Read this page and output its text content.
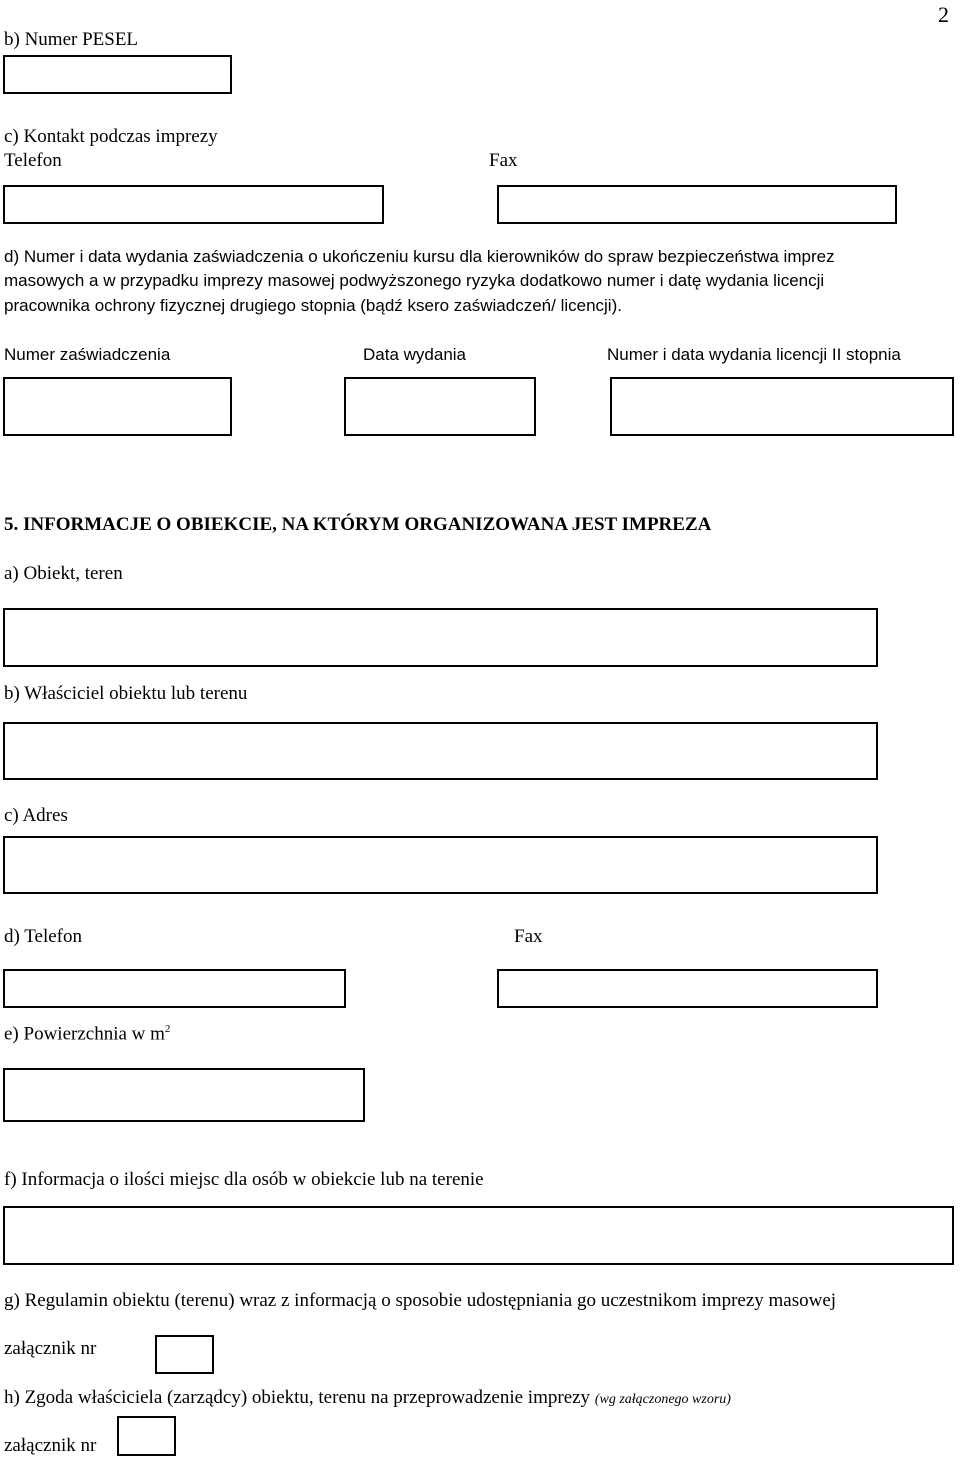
2
b) Numer PESEL
c) Kontakt podczas imprezy
Telefon	Fax
d) Numer i data wydania zaświadczenia o ukończeniu kursu dla kierowników do spraw bezpieczeństwa imprez
masowych a w przypadku imprezy masowej podwyższonego ryzyka dodatkowo numer i datę wydania licencji
pracownika ochrony fizycznej drugiego stopnia (bądź ksero zaświadczeń/ licencji).
Numer zaświadczenia	Data wydania	Numer i data wydania licencji II stopnia
5. INFORMACJE O OBIEKCIE, NA KTÓRYM ORGANIZOWANA JEST IMPREZA
a) Obiekt, teren
b) Właściciel obiektu lub terenu
c) Adres
d) Telefon	Fax
e) Powierzchnia w $m^2$
f) Informacja o ilości miejsc dla osób w obiekcie lub na terenie
g) Regulamin obiektu (terenu) wraz z informacją o sposobie udostępniania go uczestnikom imprezy masowej
załącznik nr
h) Zgoda właściciela (zarządcy) obiektu, terenu na przeprowadzenie imprezy (wg załączonego wzoru)
załącznik nr
